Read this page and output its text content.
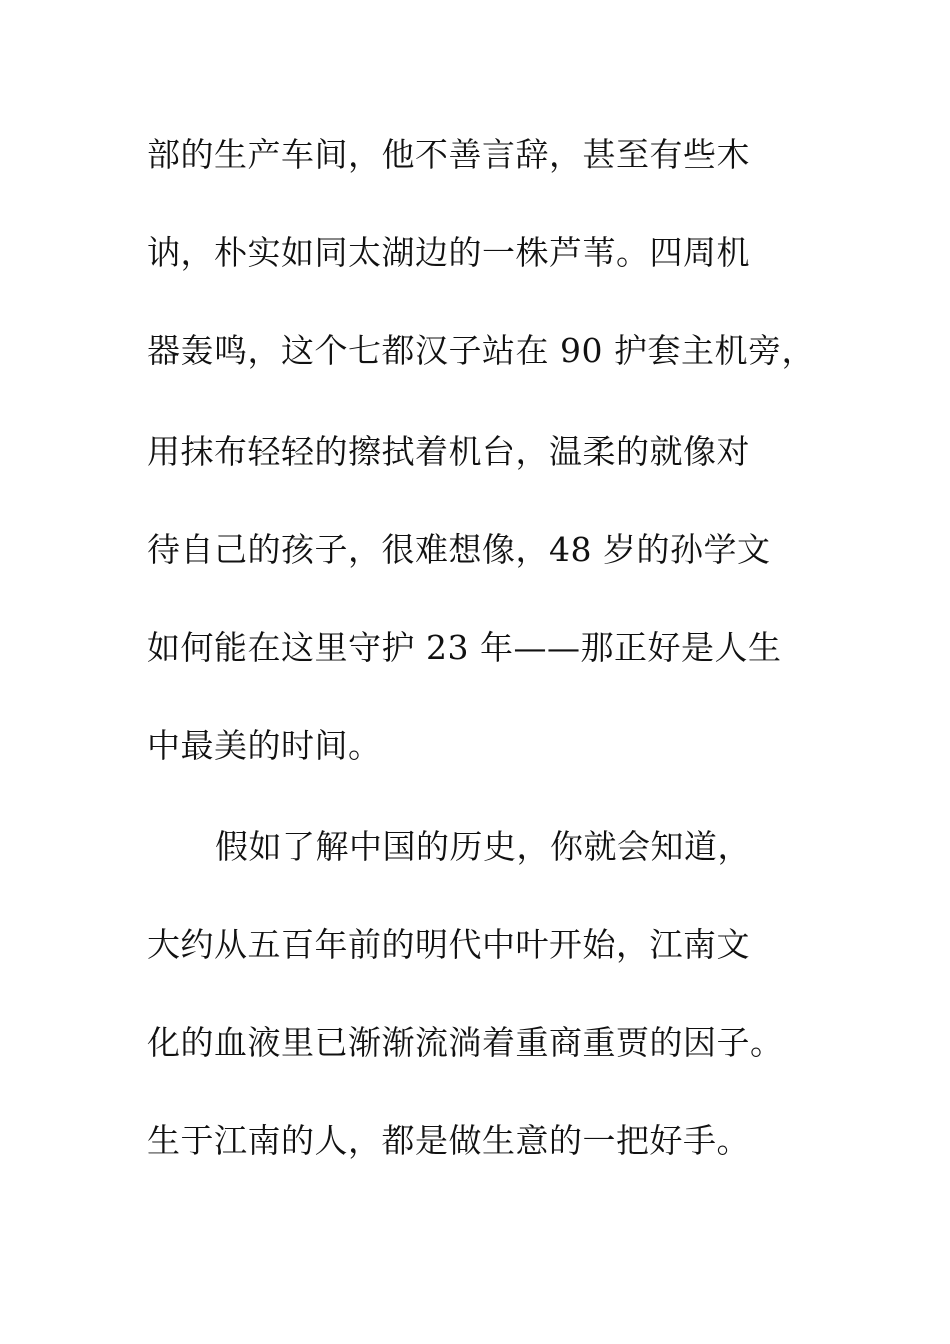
部的生产车间，他不善言辞，甚至有些木

讷，朴实如同太湖边的一株芦苇。四周机

器轰鸣，这个七都汉子站在 90 护套主机旁，

用抹布轻轻的擦拭着机台，温柔的就像对

待自己的孩子，很难想像，48 岁的孙学文

如何能在这里守护 23 年——那正好是人生

中最美的时间。

假如了解中国的历史，你就会知道，

大约从五百年前的明代中叶开始，江南文

化的血液里已渐渐流淌着重商重贾的因子。

生于江南的人，都是做生意的一把好手。
